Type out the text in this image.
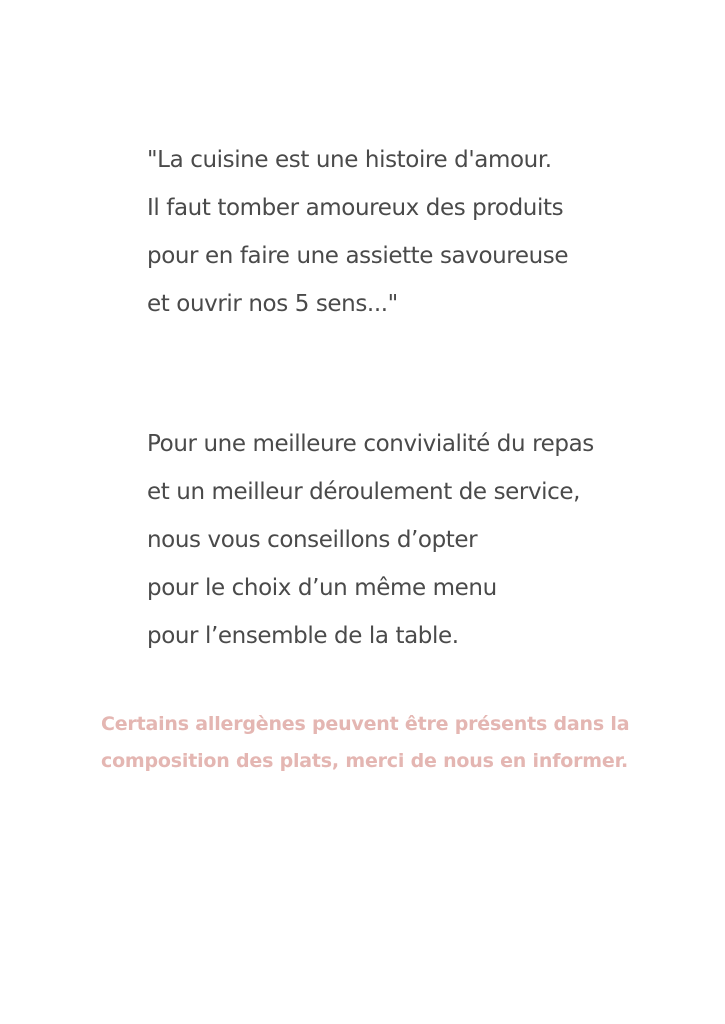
"La cuisine est une histoire d'amour.
Il faut tomber amoureux des produits
pour en faire une assiette savoureuse
et ouvrir nos 5 sens..."
Pour une meilleure convivialité du repas
et un meilleur déroulement de service,
nous vous conseillons d’opter
pour le choix d’un même menu
pour l’ensemble de la table.
Certains allergènes peuvent être présents dans la
composition des plats, merci de nous en informer.
